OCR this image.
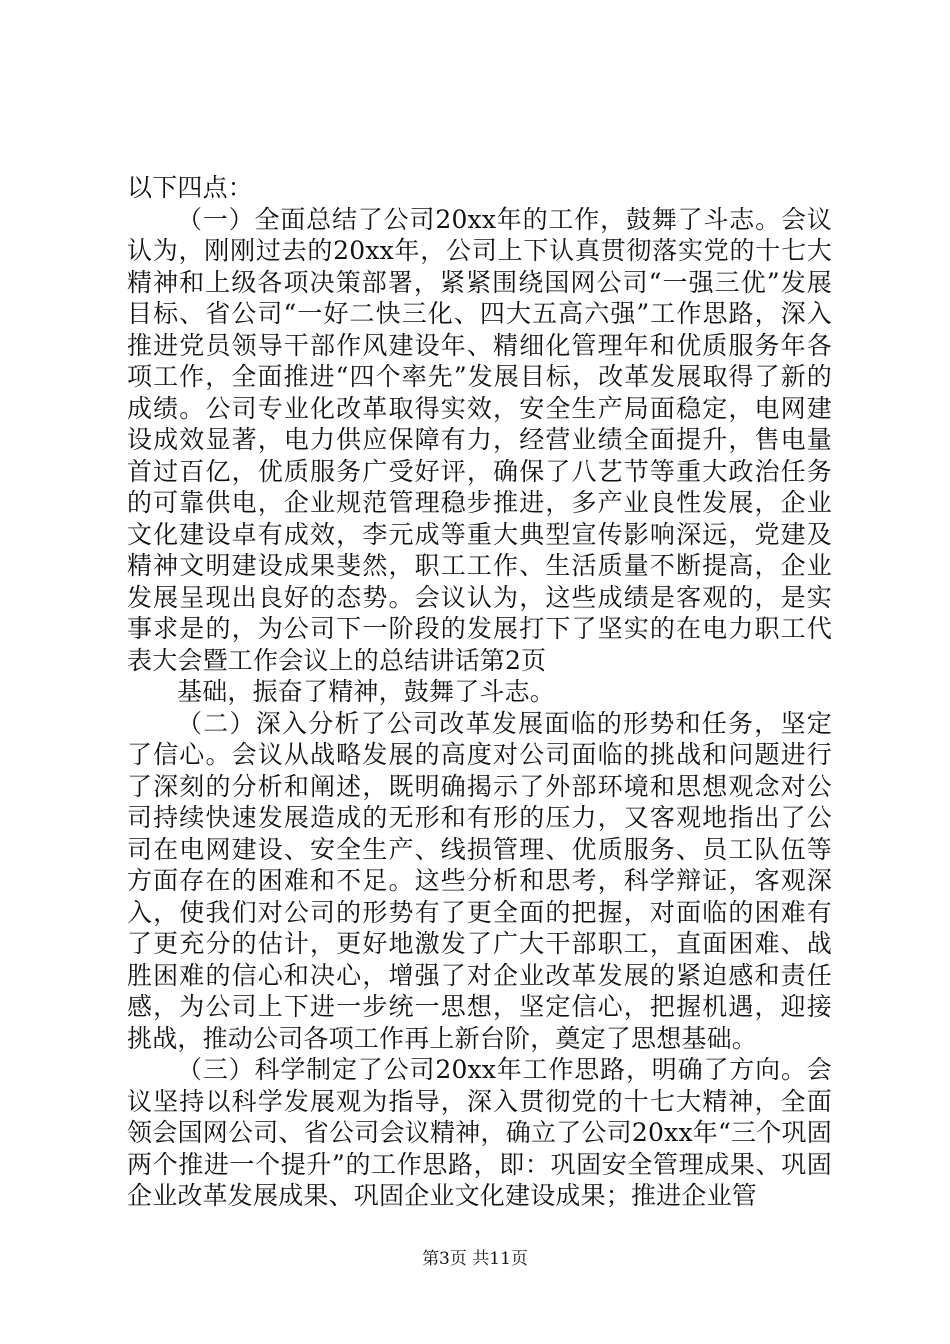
以下四点：

（一）全面总结了公司20xx年的工作，鼓舞了斗志。会议认为，刚刚过去的20xx年，公司上下认真贯彻落实党的十七大精神和上级各项决策部署，紧紧围绕国网公司“一强三优”发展目标、省公司“一好二快三化、四大五高六强”工作思路，深入推进党员领导干部作风建设年、精细化管理年和优质服务年各项工作，全面推进“四个率先”发展目标，改革发展取得了新的成绩。公司专业化改革取得实效，安全生产局面稳定，电网建设成效显著，电力供应保障有力，经营业绩全面提升，售电量首过百亿，优质服务广受好评，确保了八艺节等重大政治任务的可靠供电，企业规范管理稳步推进，多产业良性发展，企业文化建设卓有成效，李元成等重大典型宣传影响深远，党建及精神文明建设成果斐然，职工工作、生活质量不断提高，企业发展呈现出良好的态势。会议认为，这些成绩是客观的，是实事求是的，为公司下一阶段的发展打下了坚实的在电力职工代表大会暨工作会议上的总结讲话第2页

基础，振奋了精神，鼓舞了斗志。

（二）深入分析了公司改革发展面临的形势和任务，坚定了信心。会议从战略发展的高度对公司面临的挑战和问题进行了深刻的分析和阐述，既明确揭示了外部环境和思想观念对公司持续快速发展造成的无形和有形的压力，又客观地指出了公司在电网建设、安全生产、线损管理、优质服务、员工队伍等方面存在的困难和不足。这些分析和思考，科学辩证，客观深入，使我们对公司的形势有了更全面的把握，对面临的困难有了更充分的估计，更好地激发了广大干部职工，直面困难、战胜困难的信心和决心，增强了对企业改革发展的紧迫感和责任感，为公司上下进一步统一思想，坚定信心，把握机遇，迎接挑战，推动公司各项工作再上新台阶，奠定了思想基础。

（三）科学制定了公司20xx年工作思路，明确了方向。会议坚持以科学发展观为指导，深入贯彻党的十七大精神，全面领会国网公司、省公司会议精神，确立了公司20xx年“三个巩固两个推进一个提升”的工作思路，即：巩固安全管理成果、巩固企业改革发展成果、巩固企业文化建设成果；推进企业管

第3页 共11页
